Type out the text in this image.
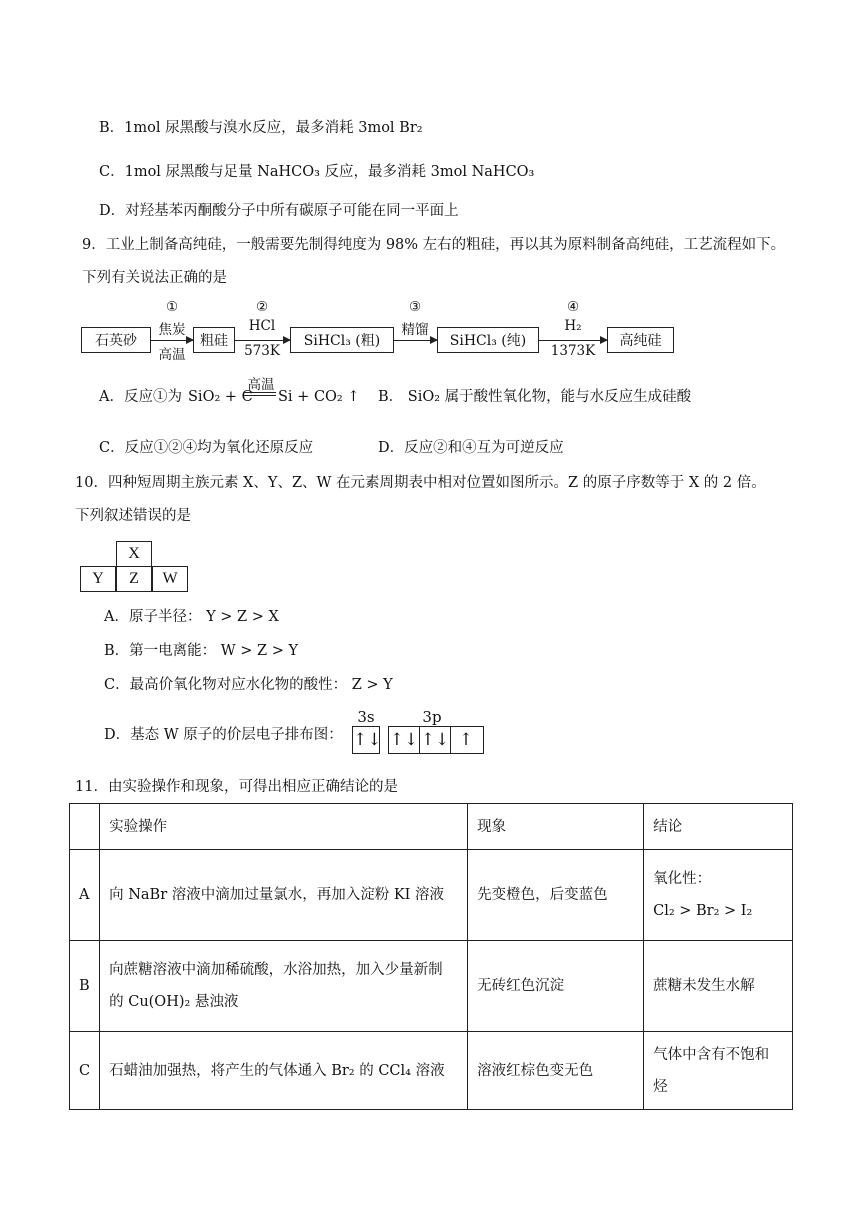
B．1mol 尿黑酸与溴水反应，最多消耗 3mol Br₂
C．1mol 尿黑酸与足量 NaHCO₃ 反应，最多消耗 3mol NaHCO₃
D．对羟基苯丙酮酸分子中所有碳原子可能在同一平面上
9．工业上制备高纯硅，一般需要先制得纯度为 98% 左右的粗硅，再以其为原料制备高纯硅，工艺流程如下。
下列有关说法正确的是
石英砂	粗硅	SiHCl₃ (粗)	SiHCl₃ (纯)	高纯硅
①
焦炭
高温
②
HCl
573K
③
精馏
④
H₂
1373K
A．反应①为 SiO₂ + C
高温
Si + CO₂ ↑ B． SiO₂ 属于酸性氧化物，能与水反应生成硅酸
C．反应①②④均为氧化还原反应	D．反应②和④互为可逆反应
10．四种短周期主族元素 X、Y、Z、W 在元素周期表中相对位置如图所示。Z 的原子序数等于 X 的 2 倍。
下列叙述错误的是
X
Y	Z	W
A．原子半径： Y > Z > X
B．第一电离能： W > Z > Y
C．最高价氧化物对应水化物的酸性： Z > Y
D．基态 W 原子的价层电子排布图：
3s	3p
↑↓ ↑↓ ↑↓ ↑
11．由实验操作和现象，可得出相应正确结论的是
	实验操作	现象	结论
A	向 NaBr 溶液中滴加过量氯水，再加入淀粉 KI 溶液	先变橙色，后变蓝色	氧化性：
Cl₂ > Br₂ > I₂

B	向蔗糖溶液中滴加稀硫酸，水浴加热，加入少量新制
的 Cu(OH)₂ 悬浊液	无砖红色沉淀	蔗糖未发生水解
C	石蜡油加强热，将产生的气体通入 Br₂ 的 CCl₄ 溶液	溶液红棕色变无色	气体中含有不饱和
烃
